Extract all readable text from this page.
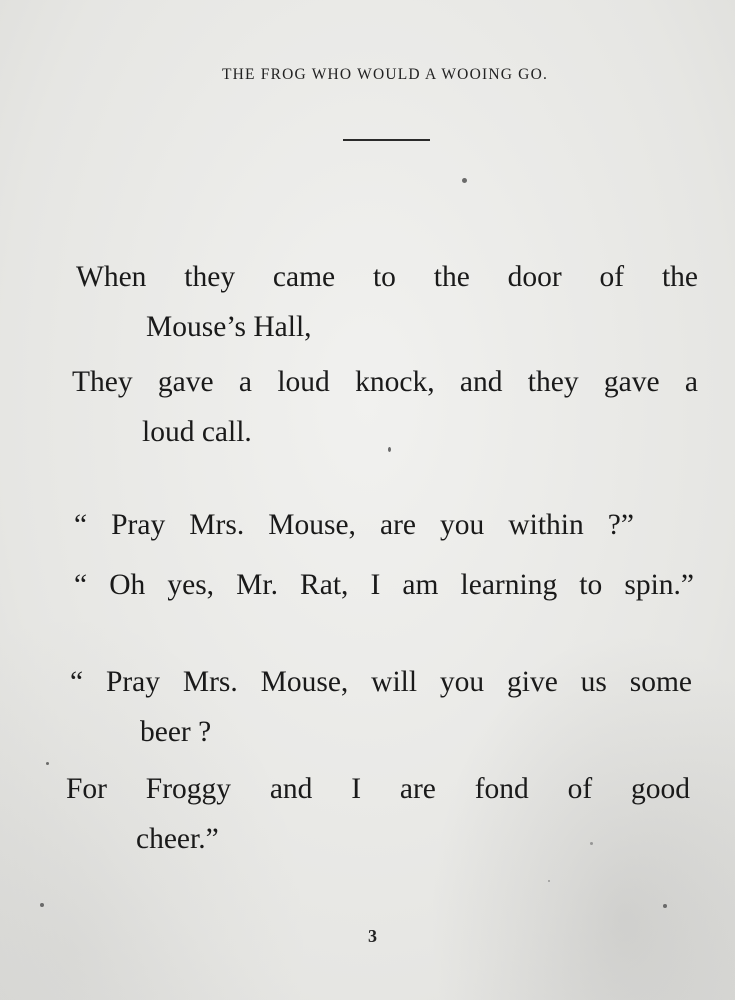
THE FROG WHO WOULD A WOOING GO.
When they came to the door of the
Mouse’s Hall,
They gave a loud knock, and they gave a
loud call.
“ Pray Mrs. Mouse, are you within ?”
“ Oh yes, Mr. Rat, I am learning to spin.”
“ Pray Mrs. Mouse, will you give us some
beer ?
For Froggy and I are fond of good
cheer.”
3
